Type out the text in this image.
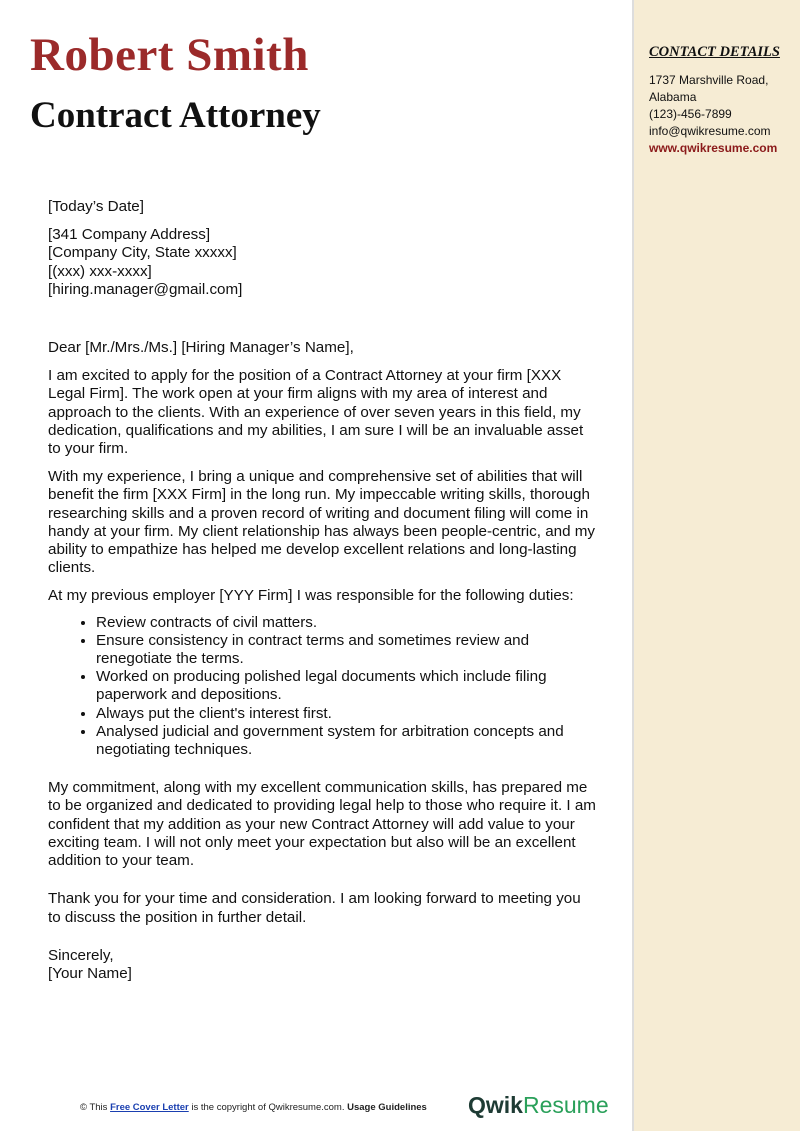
Robert Smith
Contract Attorney
CONTACT DETAILS
1737 Marshville Road,
Alabama
(123)-456-7899
info@qwikresume.com
www.qwikresume.com

[Today’s Date]

[341 Company Address]

[Company City, State xxxxx]

[(xxx) xxx-xxxx]

[hiring.manager@gmail.com]

Dear [Mr./Mrs./Ms.] [Hiring Manager’s Name],

I am excited to apply for the position of a Contract Attorney at your firm [XXX Legal Firm]. The work open at your firm aligns with my area of interest and approach to the clients. With an experience of over seven years in this field, my dedication, qualifications and my abilities, I am sure I will be an invaluable asset to your firm.

With my experience, I bring a unique and comprehensive set of abilities that will benefit the firm [XXX Firm] in the long run. My impeccable writing skills, thorough researching skills and a proven record of writing and document filing will come in handy at your firm. My client relationship has always been people-centric, and my ability to empathize has helped me develop excellent relations and long-lasting clients.

At my previous employer [YYY Firm] I was responsible for the following duties:

• Review contracts of civil matters.
• Ensure consistency in contract terms and sometimes review and renegotiate the terms.
• Worked on producing polished legal documents which include filing paperwork and depositions.
• Always put the client's interest first.
• Analysed judicial and government system for arbitration concepts and negotiating techniques.

My commitment, along with my excellent communication skills, has prepared me to be organized and dedicated to providing legal help to those who require it. I am confident that my addition as your new Contract Attorney will add value to your exciting team. I will not only meet your expectation but also will be an excellent addition to your team.

Thank you for your time and consideration. I am looking forward to meeting you to discuss the position in further detail.

Sincerely,

[Your Name]

© This Free Cover Letter is the copyright of Qwikresume.com. Usage Guidelines QwikResume
